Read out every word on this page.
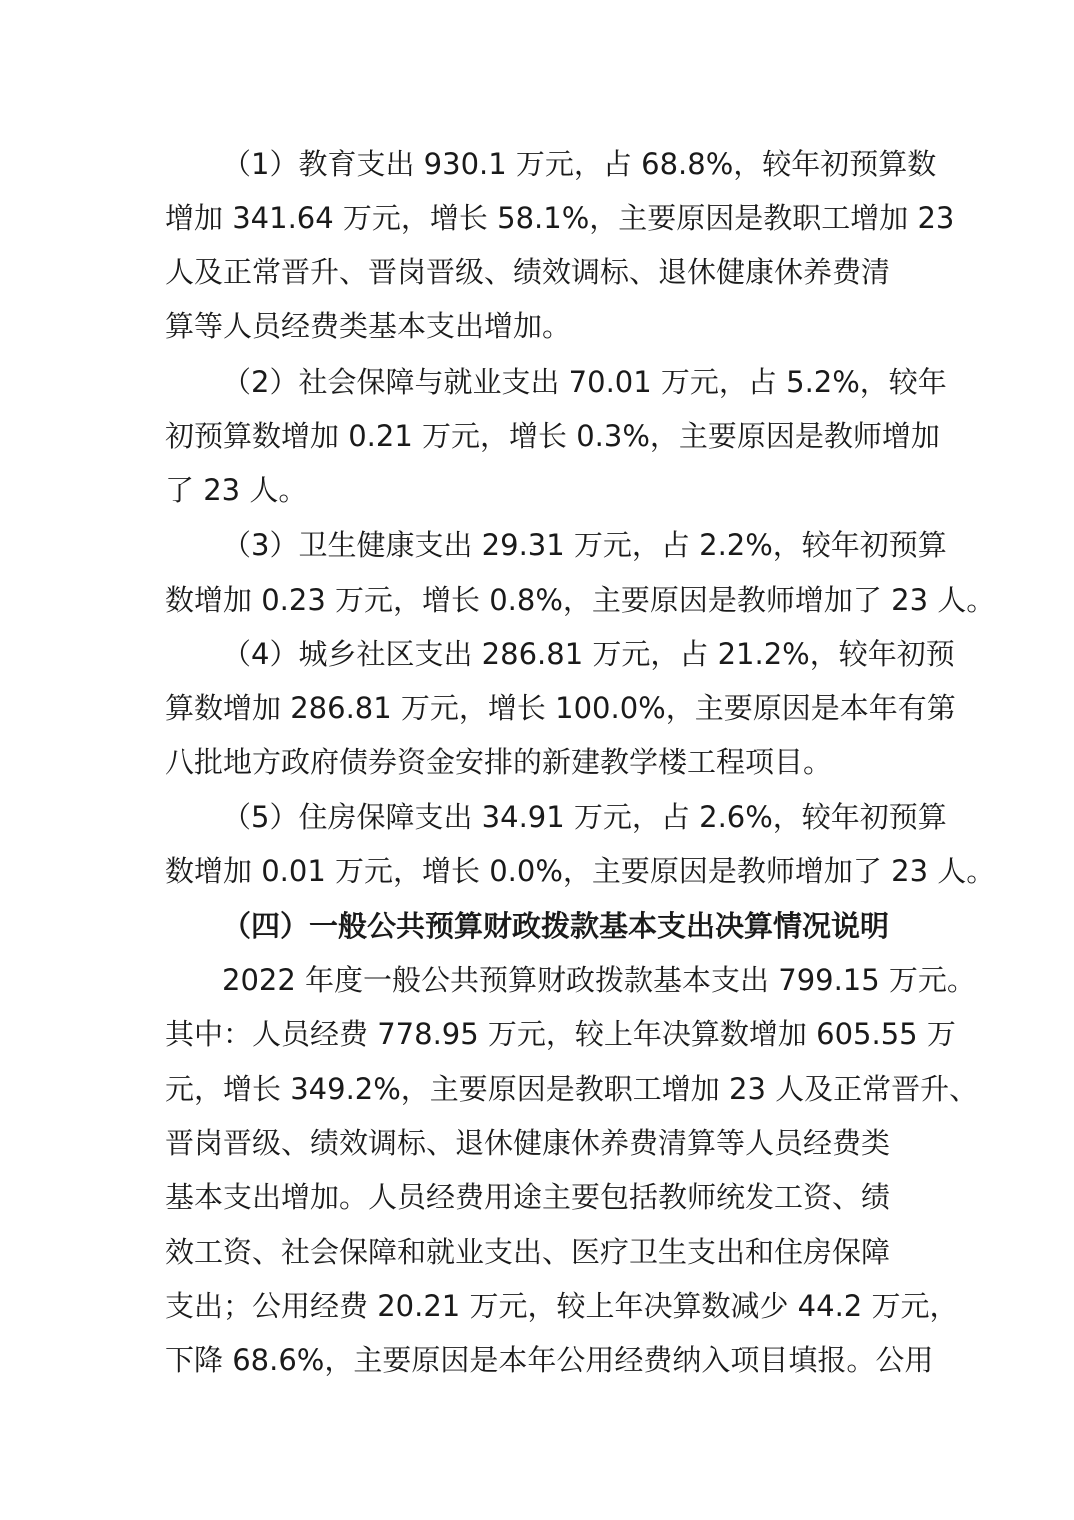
（1）教育支出 930.1 万元，占 68.8%，较年初预算数
增加 341.64 万元，增长 58.1%，主要原因是教职工增加 23
人及正常晋升、晋岗晋级、绩效调标、退休健康休养费清
算等人员经费类基本支出增加。
（2）社会保障与就业支出 70.01 万元，占 5.2%，较年
初预算数增加 0.21 万元，增长 0.3%，主要原因是教师增加
了 23 人。
（3）卫生健康支出 29.31 万元，占 2.2%，较年初预算
数增加 0.23 万元，增长 0.8%，主要原因是教师增加了 23 人。
（4）城乡社区支出 286.81 万元，占 21.2%，较年初预
算数增加 286.81 万元，增长 100.0%，主要原因是本年有第
八批地方政府债券资金安排的新建教学楼工程项目。
（5）住房保障支出 34.91 万元，占 2.6%，较年初预算
数增加 0.01 万元，增长 0.0%，主要原因是教师增加了 23 人。
（四）一般公共预算财政拨款基本支出决算情况说明
2022 年度一般公共预算财政拨款基本支出 799.15 万元。
其中：人员经费 778.95 万元，较上年决算数增加 605.55 万
元，增长 349.2%，主要原因是教职工增加 23 人及正常晋升、
晋岗晋级、绩效调标、退休健康休养费清算等人员经费类
基本支出增加。人员经费用途主要包括教师统发工资、绩
效工资、社会保障和就业支出、医疗卫生支出和住房保障
支出；公用经费 20.21 万元，较上年决算数减少 44.2 万元，
下降 68.6%，主要原因是本年公用经费纳入项目填报。公用
